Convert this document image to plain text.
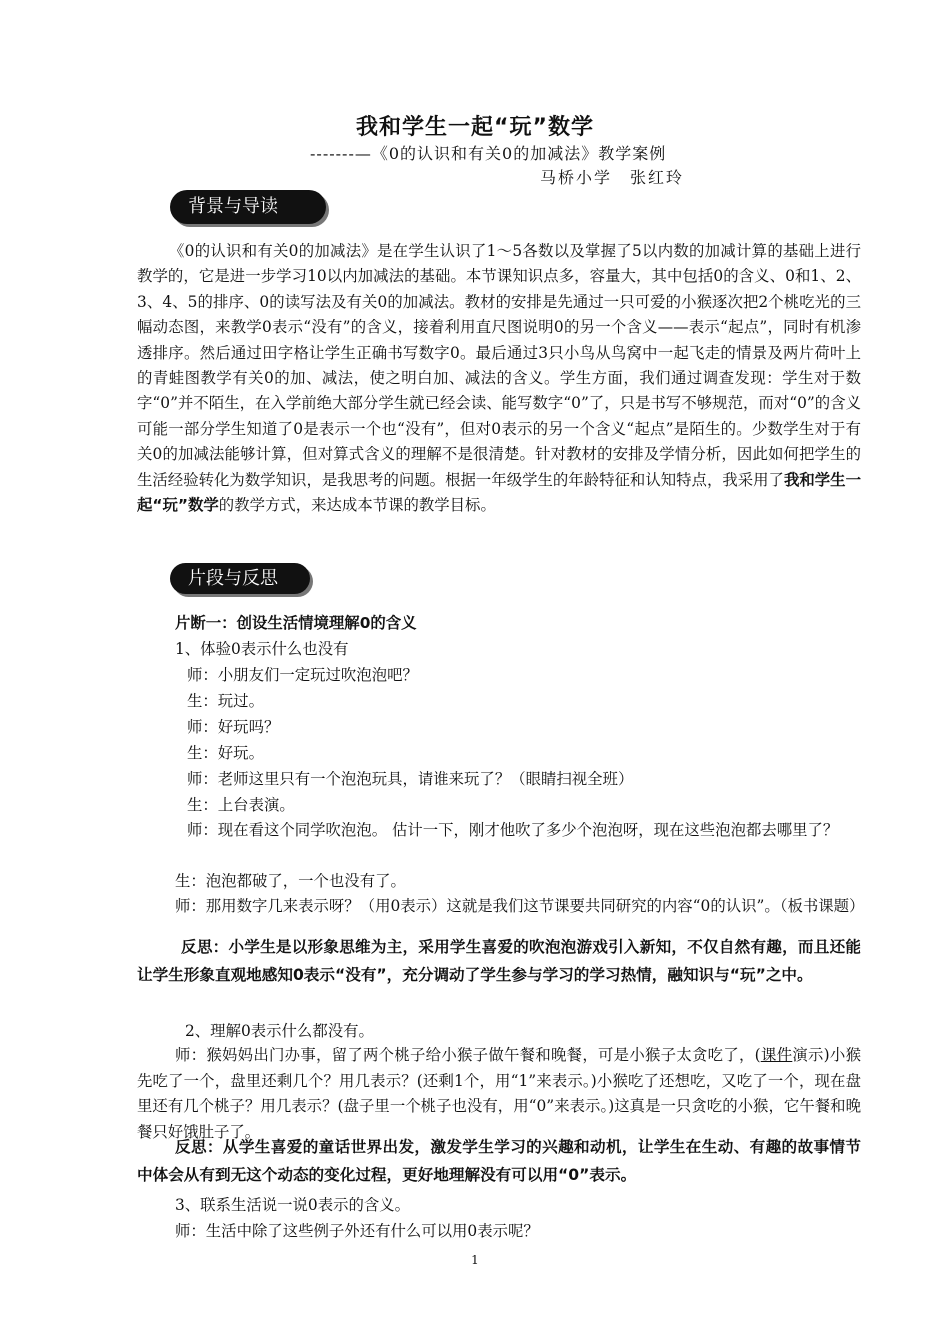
我和学生一起“玩”数学
-------—《0的认识和有关0的加减法》教学案例
马桥小学　张红玲
背景与导读
《0的认识和有关0的加减法》是在学生认识了1～5各数以及掌握了5以内数的加减计算的基础上进行教学的，它是进一步学习10以内加减法的基础。本节课知识点多，容量大，其中包括0的含义、0和1、2、3、4、5的排序、0的读写法及有关0的加减法。教材的安排是先通过一只可爱的小猴逐次把2个桃吃光的三幅动态图，来教学0表示“没有”的含义，接着利用直尺图说明0的另一个含义——表示“起点”，同时有机渗透排序。然后通过田字格让学生正确书写数字0。最后通过3只小鸟从鸟窝中一起飞走的情景及两片荷叶上的青蛙图教学有关0的加、减法，使之明白加、减法的含义。学生方面，我们通过调查发现：学生对于数字“0”并不陌生，在入学前绝大部分学生就已经会读、能写数字“0”了，只是书写不够规范，而对“0”的含义可能一部分学生知道了0是表示一个也“没有”，但对0表示的另一个含义“起点”是陌生的。少数学生对于有关0的加减法能够计算，但对算式含义的理解不是很清楚。针对教材的安排及学情分析，因此如何把学生的生活经验转化为数学知识，是我思考的问题。根据一年级学生的年龄特征和认知特点，我采用了我和学生一起“玩”数学的教学方式，来达成本节课的教学目标。
片段与反思
片断一：创设生活情境理解0的含义
1、体验0表示什么也没有
师：小朋友们一定玩过吹泡泡吧？
生：玩过。
师：好玩吗？
生：好玩。
师：老师这里只有一个泡泡玩具，请谁来玩了？（眼睛扫视全班）
生：上台表演。
师：现在看这个同学吹泡泡。 估计一下，刚才他吹了多少个泡泡呀，现在这些泡泡都去哪里了？
生：泡泡都破了，一个也没有了。
师：那用数字几来表示呀？（用0表示）这就是我们这节课要共同研究的内容“0的认识”。（板书课题）
反思：小学生是以形象思维为主，采用学生喜爱的吹泡泡游戏引入新知，不仅自然有趣，而且还能让学生形象直观地感知0表示“没有”，充分调动了学生参与学习的学习热情，融知识与“玩”之中。
2、理解0表示什么都没有。
师：猴妈妈出门办事，留了两个桃子给小猴子做午餐和晚餐，可是小猴子太贪吃了，(课件演示)小猴先吃了一个，盘里还剩几个？用几表示？(还剩1个，用“1”来表示。)小猴吃了还想吃，又吃了一个，现在盘里还有几个桃子？用几表示？(盘子里一个桃子也没有，用“0”来表示。)这真是一只贪吃的小猴，它午餐和晚餐只好饿肚子了。
反思：从学生喜爱的童话世界出发，激发学生学习的兴趣和动机，让学生在生动、有趣的故事情节中体会从有到无这个动态的变化过程，更好地理解没有可以用“0”表示。
3、联系生活说一说0表示的含义。
师：生活中除了这些例子外还有什么可以用0表示呢？
1
